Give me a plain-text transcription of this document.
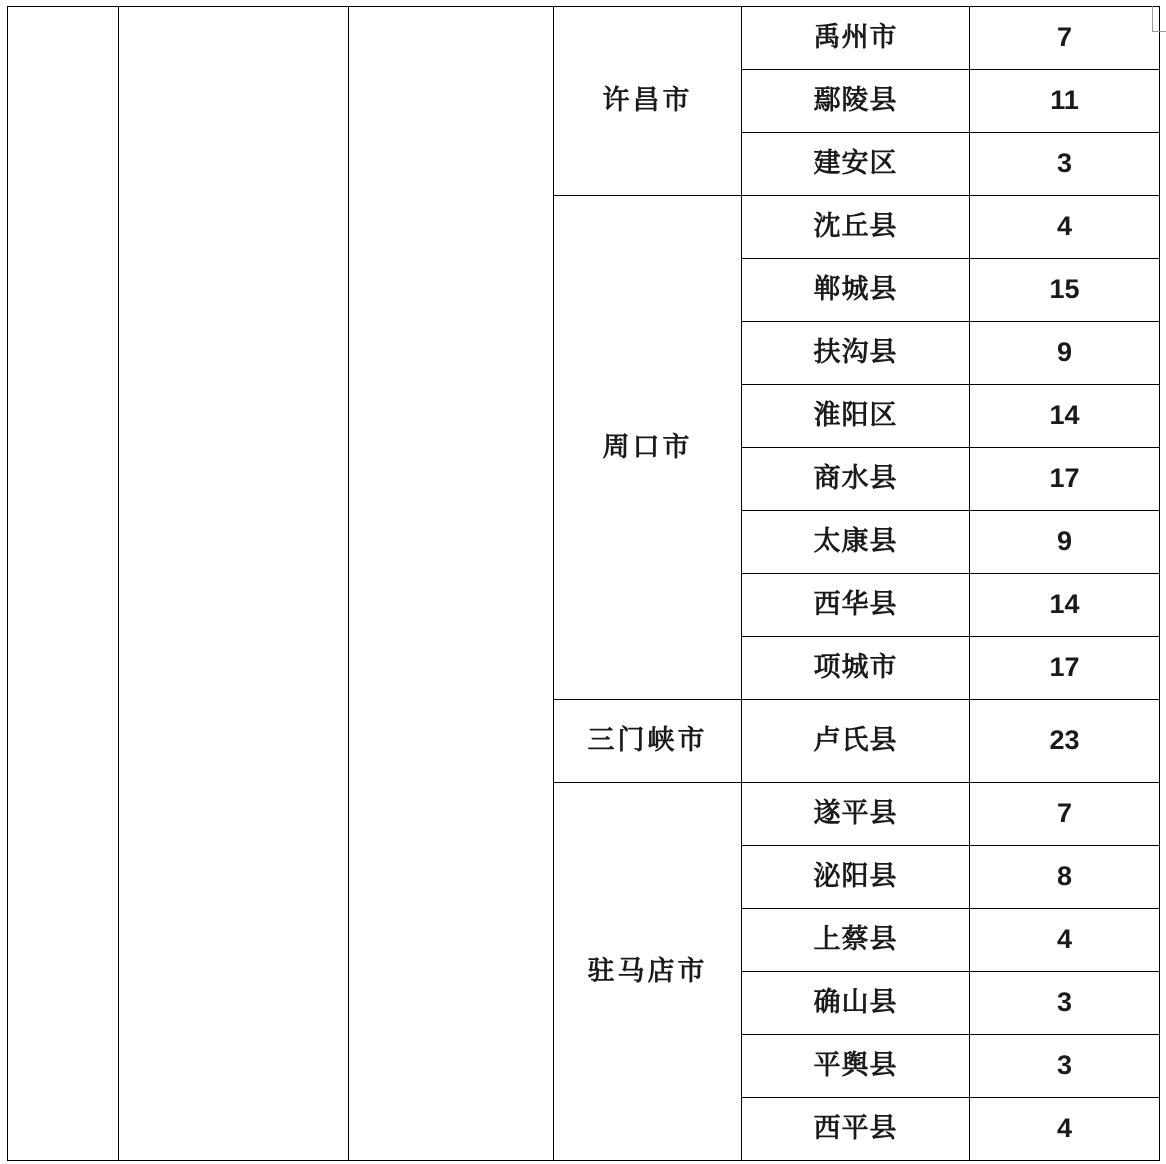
			许昌市	禹州市	7
				鄢陵县	11
				建安区	3
			周口市	沈丘县	4
				郸城县	15
				扶沟县	9
				淮阳区	14
				商水县	17
				太康县	9
				西华县	14
				项城市	17
			三门峡市	卢氏县	23
			驻马店市	遂平县	7
				泌阳县	8
				上蔡县	4
				确山县	3
				平舆县	3
				西平县	4
